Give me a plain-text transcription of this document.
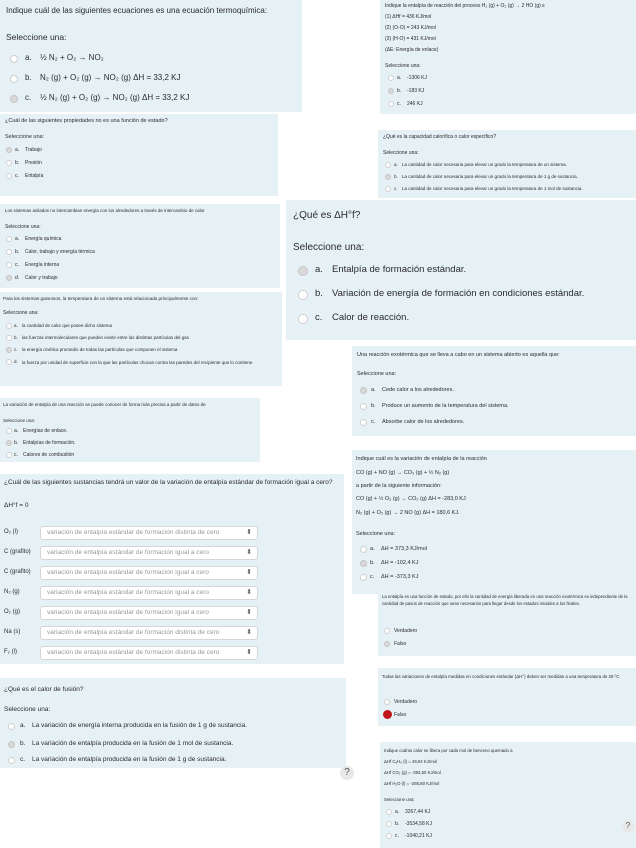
Indique cuál de las siguientes ecuaciones es una ecuación termoquímica:
Seleccione una:
a. ½ N₂ + O₂ → NO₂
b. N₂ (g) + O₂ (g) → NO₂ (g) ΔH = 33,2 KJ
c. ½ N₂ (g) + O₂ (g) → NO₂ (g) ΔH = 33,2 KJ
Indique la entalpía de reacción del proceso H₂ (g) + O₂ (g) → 2 HO (g) s
(1) ΔHf = 436 KJ/mol
(2) (O-O) = 243 KJ/mol
(3) (H-O) = 431 KJ/mol
(ΔE: Energía de enlace)
Seleccione una:
a. -1306 KJ
b. -183 KJ
c. 246 KJ
¿Cuál de las siguientes propiedades no es una función de estado?
Seleccione una:
a. Trabajo
b. Presión
c. Entalpía
¿Qué es la capacidad calorífica o calor específico?
Seleccione una:
a. La cantidad de calor necesaria para elevar un grado la temperatura de un sistema.
b. La cantidad de calor necesaria para elevar un grado la temperatura de 1 g de sustancia.
c. La cantidad de calor necesaria para elevar un grado la temperatura de 1 mol de sustancia.
Los sistemas aislados no intercambian energía con los alrededores a través de intercambio de calor
Seleccione una:
a. Energía química
b. Calor, trabajo y energía térmica
c. Energía interna
d. Calor y trabajo
¿Qué es ΔH°f?
Seleccione una:
a. Entalpía de formación estándar.
b. Variación de energía de formación en condiciones estándar.
c. Calor de reacción.
Para los sistemas gaseosos, la temperatura de un sistema está relacionada principalmente con:
Seleccione una:
a. la cantidad de calor que posee dicho sistema
b. las fuerzas intermoleculares que pueden existir entre las distintas partículas del gas
c. la energía cinética promedio de todas las partículas que componen el sistema
d. la fuerza por unidad de superficie con la que las partículas chocan contra las paredes del recipiente que lo contiene.
Una reacción exotérmica que se lleva a cabo en un sistema abierto es aquella que:
Seleccione una:
a. Cede calor a los alrededores.
b. Produce un aumento de la temperatura del sistema.
c. Absorbe calor de los alrededores.
La variación de entalpía de una reacción se puede conocer de forma más precisa a partir de datos de
Seleccione una:
a. Energías de enlace.
b. Entalpías de formación.
c. Calores de combustión
Indique cuál es la variación de entalpía de la reacción
CO (g) + NO (g) → CO₂ (g) + ½ N₂ (g)
a partir de la siguiente información:
CO (g) + ½ O₂ (g) → CO₂ (g) ΔH = -283,0 KJ
N₂ (g) + O₂ (g) → 2 NO (g) ΔH = 180,6 KJ.
Seleccione una:
a. ΔH = 373,3 KJ/mol
b. ΔH = -102,4 KJ
c. ΔH = -373,3 KJ
¿Cuál de las siguientes sustancias tendrá un valor de la variación de entalpía estándar de formación igual a cero?
ΔH°f = 0
O₂ (l)	variación de entalpía estándar de formación distinta de cero	⬍
C (grafito)	variación de entalpía estándar de formación igual a cero	⬍
C (grafito)	variación de entalpía estándar de formación igual a cero	⬍
N₂ (g)	variación de entalpía estándar de formación igual a cero	⬍
O₂ (g)	variación de entalpía estándar de formación igual a cero	⬍
Na (s)	variación de entalpía estándar de formación distinta de cero	⬍
F₂ (l)	variación de entalpía estándar de formación distinta de cero	⬍
La entalpía es una función de estado, por ello la cantidad de energía liberada en una reacción exotérmica es independiente de la cantidad de pasos de reacción que sean necesarios para llegar desde los estados iniciales a los finales.
Verdadero
Falso
Todas las variaciones de entalpía medidas en condiciones estándar (ΔH°) deben ser medidas a una temperatura de 25 ºC
Verdadero
Falso
¿Qué es el calor de fusión?
Seleccione una:
a. La variación de energía interna producida en la fusión de 1 g de sustancia.
b. La variación de entalpía producida en la fusión de 1 mol de sustancia.
c. La variación de entalpía producida en la fusión de 1 g de sustancia.
?
Indique cuánto calor se libera por cada mol de benceno quemado a
ΔHf C₆H₆ (l) = 49,04 KJ/mol
ΔHf CO₂ (g) = -393,50 KJ/mol
ΔHf H₂O (l) = -285,80 KJ/mol
Seleccione una:
a. 3267,44 KJ
b. -3534,58 KJ
c. -1040,21 KJ
?
